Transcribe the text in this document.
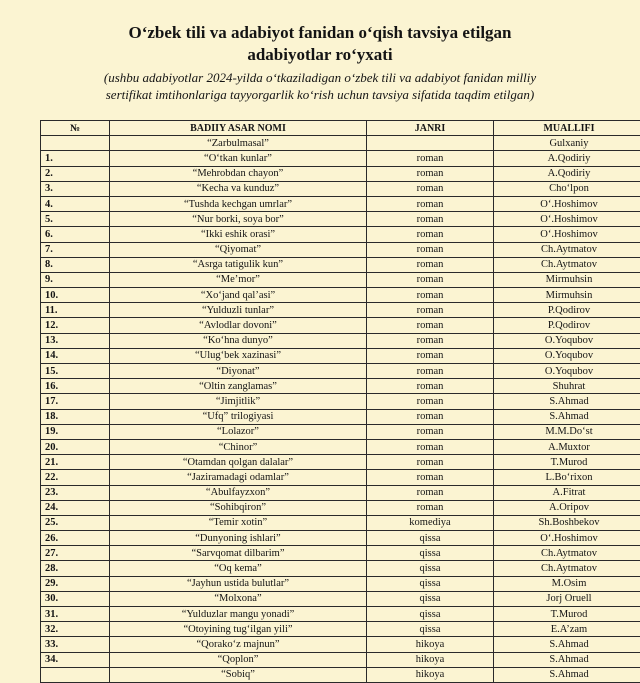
O‘zbek tili va adabiyot fanidan o‘qish tavsiya etilgan
adabiyotlar ro‘yxati
(ushbu adabiyotlar 2024-yilda o‘tkaziladigan o‘zbek tili va adabiyot fanidan milliy
sertifikat imtihonlariga tayyorgarlik ko‘rish uchun tavsiya sifatida taqdim etilgan)
№	BADIIY ASAR NOMI	JANRI	MUALLIFI
	“Zarbulmasal”		Gulxaniy
1.	“O‘tkan kunlar”	roman	A.Qodiriy
2.	“Mehrobdan chayon”	roman	A.Qodiriy
3.	“Kecha va kunduz”	roman	Cho‘lpon
4.	“Tushda kechgan umrlar”	roman	O‘.Hoshimov
5.	“Nur borki, soya bor”	roman	O‘.Hoshimov
6.	“Ikki eshik orasi”	roman	O‘.Hoshimov
7.	“Qiyomat”	roman	Ch.Aytmatov
8.	“Asrga tatigulik kun”	roman	Ch.Aytmatov
9.	“Me’mor”	roman	Mirmuhsin
10.	“Xo‘jand qal’asi”	roman	Mirmuhsin
11.	“Yulduzli tunlar”	roman	P.Qodirov
12.	“Avlodlar dovoni”	roman	P.Qodirov
13.	“Ko‘hna dunyo”	roman	O.Yoqubov
14.	“Ulug‘bek xazinasi”	roman	O.Yoqubov
15.	“Diyonat”	roman	O.Yoqubov
16.	“Oltin zanglamas”	roman	Shuhrat
17.	“Jimjitlik”	roman	S.Ahmad
18.	“Ufq” trilogiyasi	roman	S.Ahmad
19.	“Lolazor”	roman	M.M.Do‘st
20.	“Chinor”	roman	A.Muxtor
21.	“Otamdan qolgan dalalar”	roman	T.Murod
22.	“Jaziramadagi odamlar”	roman	L.Bo‘rixon
23.	“Abulfayzxon”	roman	A.Fitrat
24.	“Sohibqiron”	roman	A.Oripov
25.	“Temir xotin”	komediya	Sh.Boshbekov
26.	“Dunyoning ishlari”	qissa	O‘.Hoshimov
27.	“Sarvqomat dilbarim”	qissa	Ch.Aytmatov
28.	“Oq kema”	qissa	Ch.Aytmatov
29.	“Jayhun ustida bulutlar”	qissa	M.Osim
30.	“Molxona”	qissa	Jorj Oruell
31.	“Yulduzlar mangu yonadi”	qissa	T.Murod
32.	“Otoyining tug‘ilgan yili”	qissa	E.A’zam
33.	“Qorako‘z majnun”	hikoya	S.Ahmad
34.	“Qoplon”	hikoya	S.Ahmad
	“Sobiq”	hikoya	S.Ahmad
